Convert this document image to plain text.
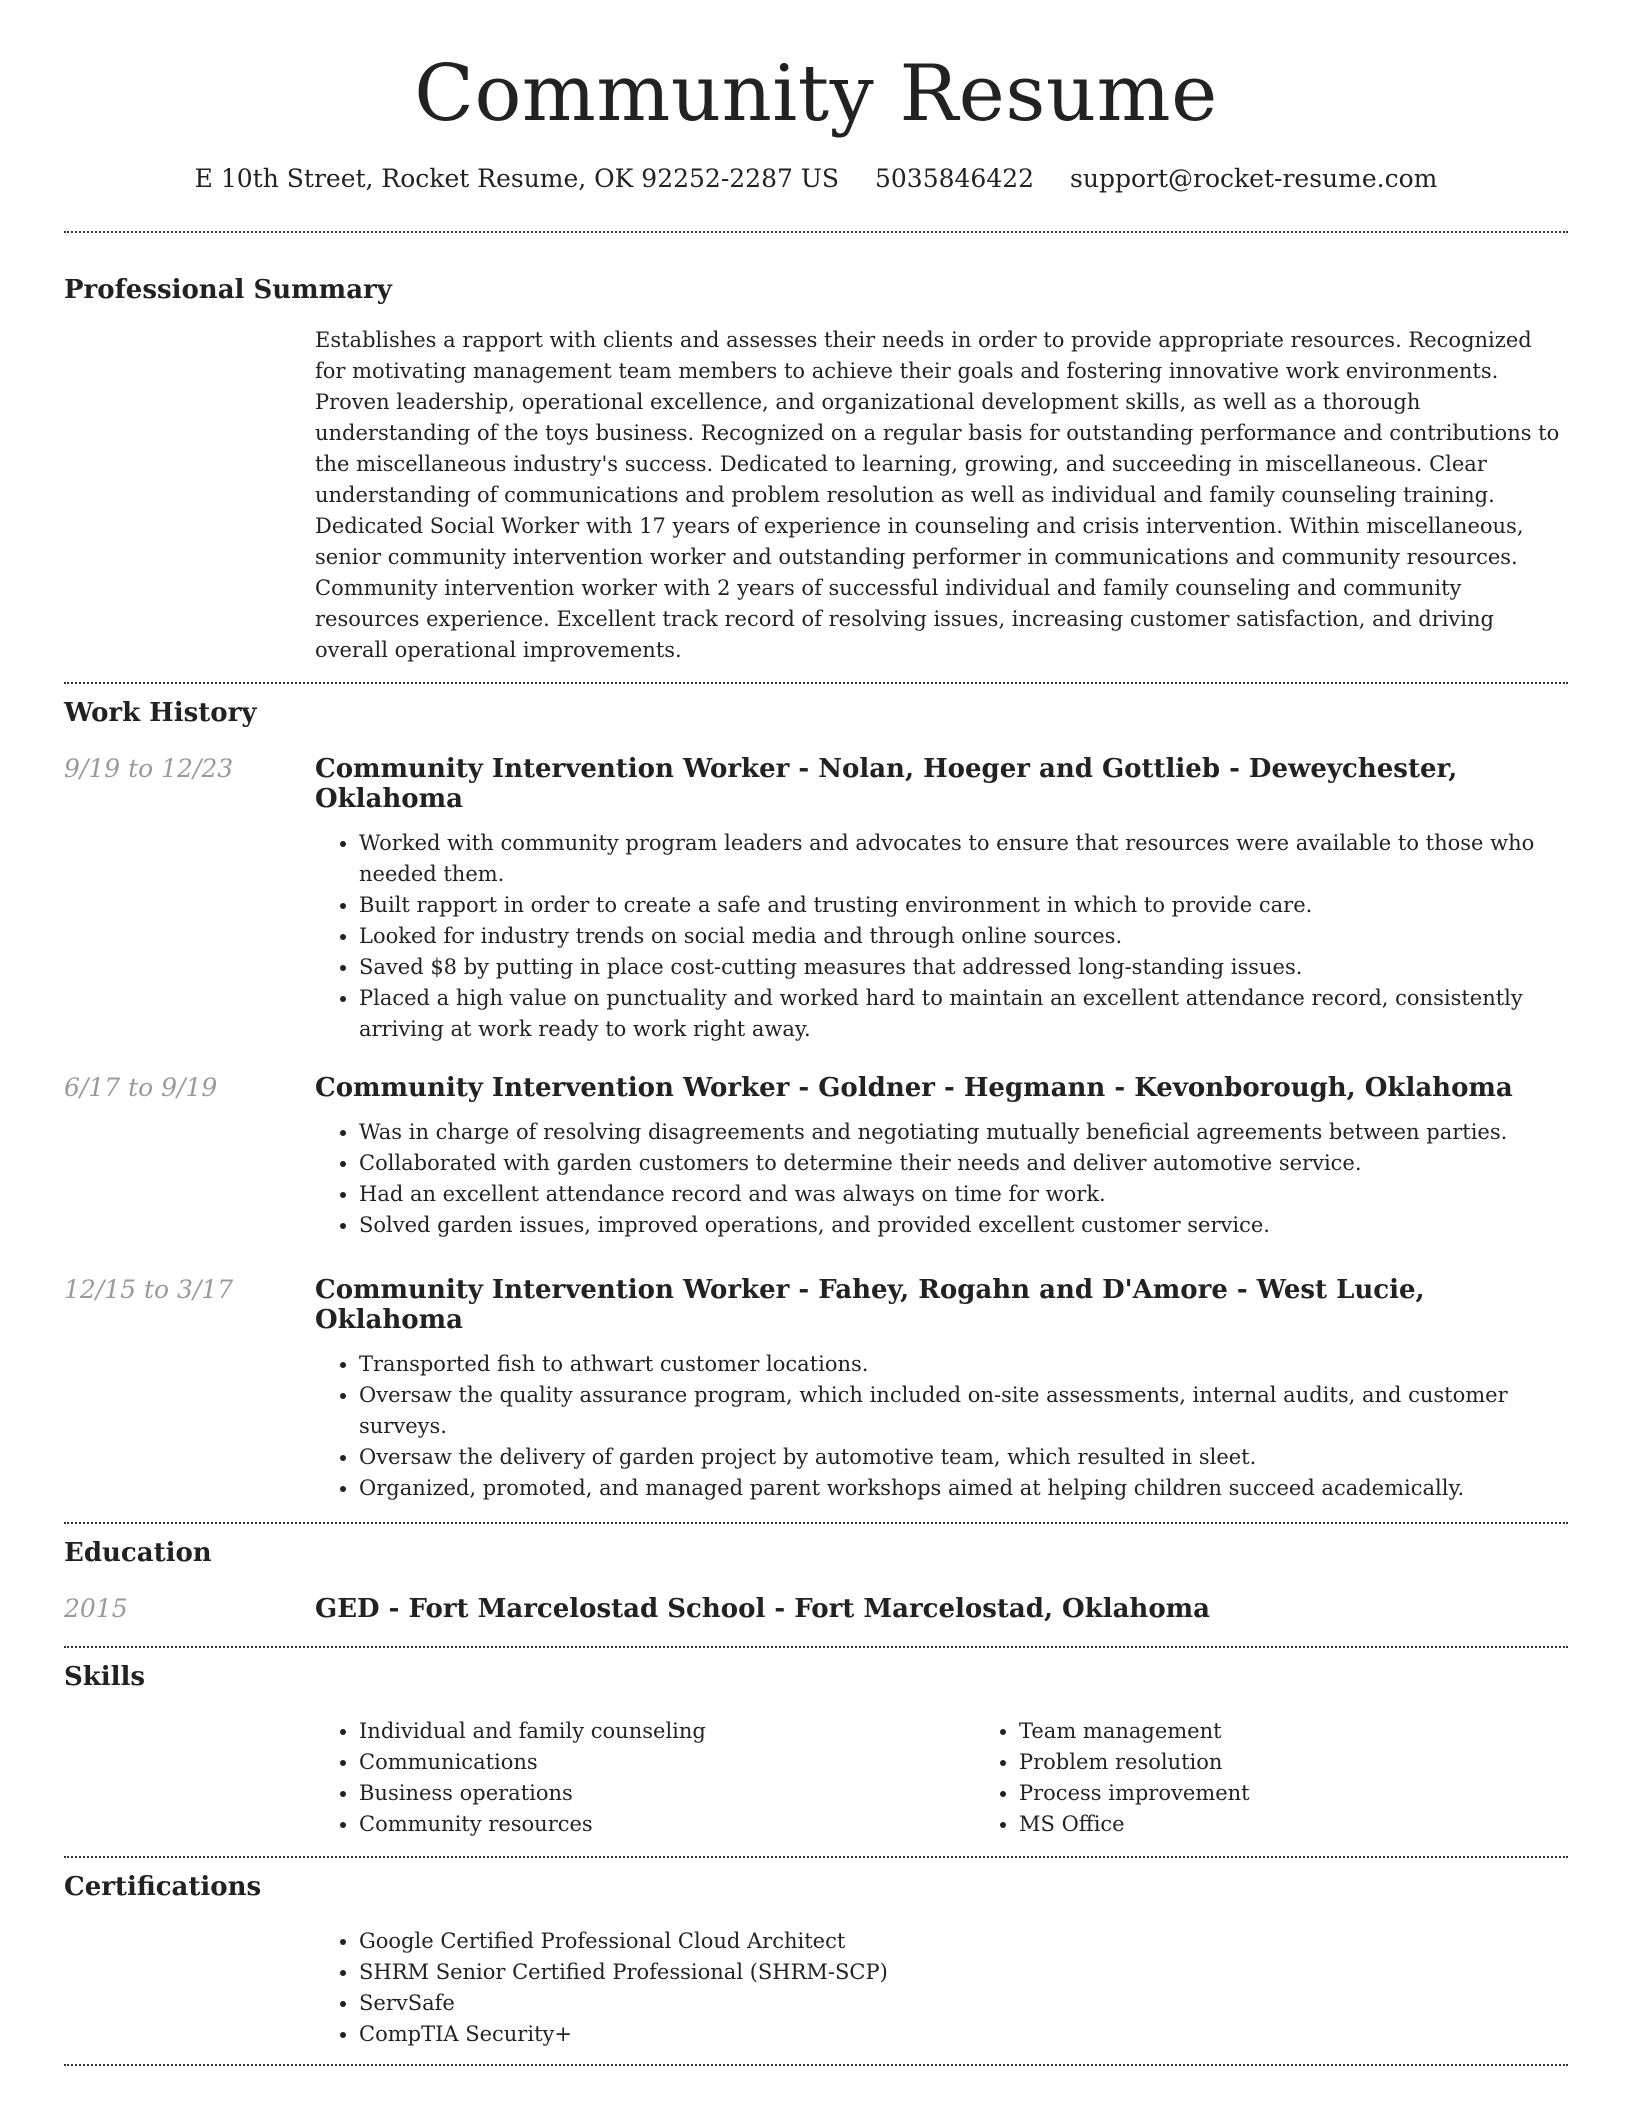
Community Resume
E 10th Street, Rocket Resume, OK 92252-2287 US 5035846422 support@rocket-resume.com
Professional Summary

Establishes a rapport with clients and assesses their needs in order to provide appropriate resources. Recognized for motivating management team members to achieve their goals and fostering innovative work environments. Proven leadership, operational excellence, and organizational development skills, as well as a thorough understanding of the toys business. Recognized on a regular basis for outstanding performance and contributions to the miscellaneous industry's success. Dedicated to learning, growing, and succeeding in miscellaneous. Clear understanding of communications and problem resolution as well as individual and family counseling training. Dedicated Social Worker with 17 years of experience in counseling and crisis intervention. Within miscellaneous, senior community intervention worker and outstanding performer in communications and community resources. Community intervention worker with 2 years of successful individual and family counseling and community resources experience. Excellent track record of resolving issues, increasing customer satisfaction, and driving overall operational improvements.

Work History
9/19 to 12/23	Community Intervention Worker - Nolan, Hoeger and Gottlieb - Deweychester, Oklahoma
• Worked with community program leaders and advocates to ensure that resources were available to those who needed them.
• Built rapport in order to create a safe and trusting environment in which to provide care.
• Looked for industry trends on social media and through online sources.
• Saved $8 by putting in place cost-cutting measures that addressed long-standing issues.
• Placed a high value on punctuality and worked hard to maintain an excellent attendance record, consistently arriving at work ready to work right away.
6/17 to 9/19	Community Intervention Worker - Goldner - Hegmann - Kevonborough, Oklahoma
• Was in charge of resolving disagreements and negotiating mutually beneficial agreements between parties.
• Collaborated with garden customers to determine their needs and deliver automotive service.
• Had an excellent attendance record and was always on time for work.
• Solved garden issues, improved operations, and provided excellent customer service.
12/15 to 3/17	Community Intervention Worker - Fahey, Rogahn and D'Amore - West Lucie, Oklahoma
• Transported fish to athwart customer locations.
• Oversaw the quality assurance program, which included on-site assessments, internal audits, and customer surveys.
• Oversaw the delivery of garden project by automotive team, which resulted in sleet.
• Organized, promoted, and managed parent workshops aimed at helping children succeed academically.
Education
2015	GED - Fort Marcelostad School - Fort Marcelostad, Oklahoma
Skills
• Individual and family counseling
• Communications
• Business operations
• Community resources
• Team management
• Problem resolution
• Process improvement
• MS Office
Certifications
• Google Certified Professional Cloud Architect
• SHRM Senior Certified Professional (SHRM-SCP)
• ServSafe
• CompTIA Security+
